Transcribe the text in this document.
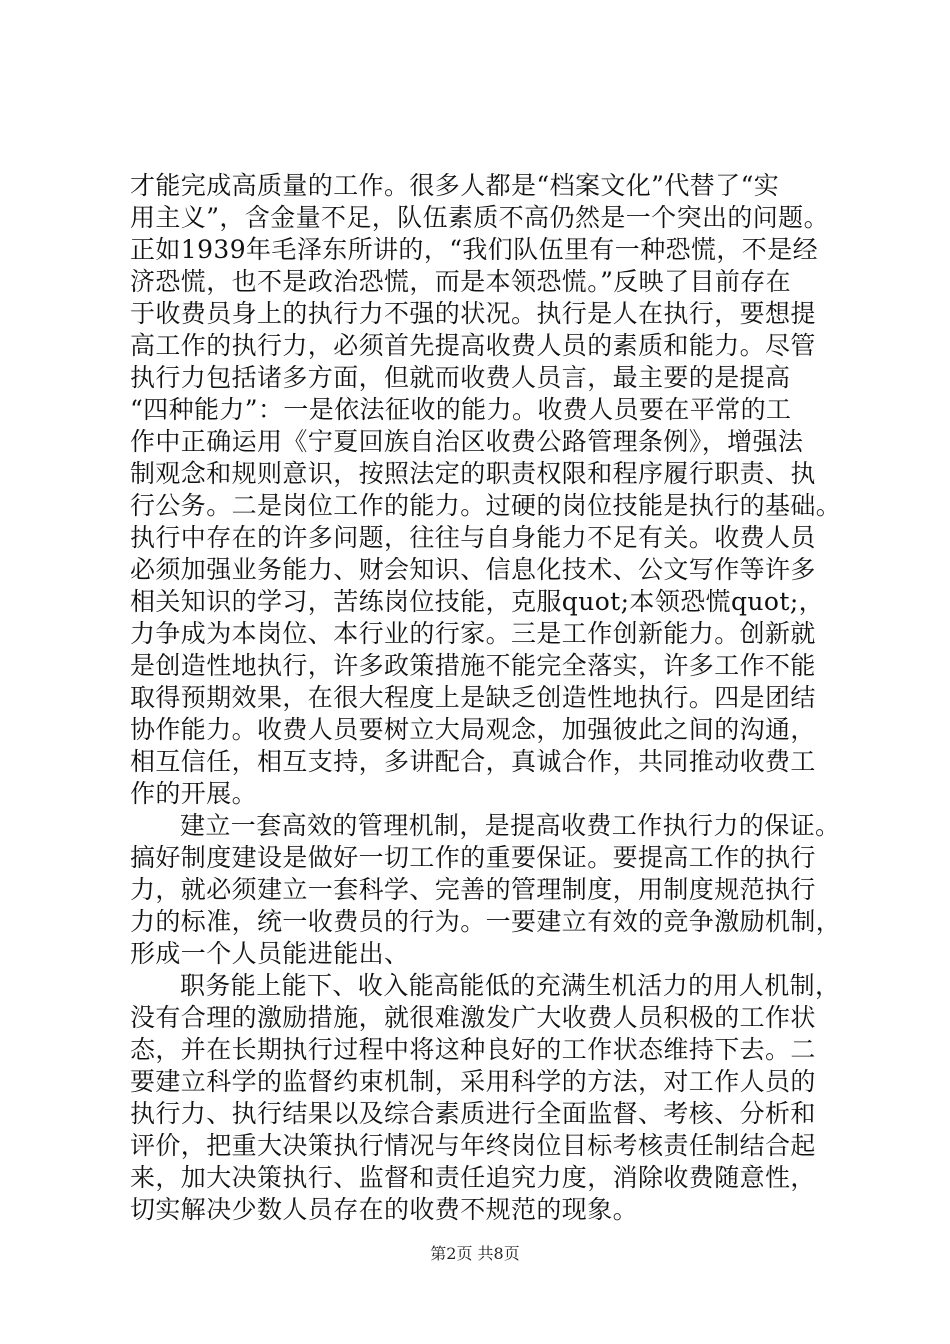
才能完成高质量的工作。很多人都是“档案文化”代替了“实
用主义”，含金量不足，队伍素质不高仍然是一个突出的问题。
正如1939年毛泽东所讲的，“我们队伍里有一种恐慌，不是经
济恐慌，也不是政治恐慌，而是本领恐慌。”反映了目前存在
于收费员身上的执行力不强的状况。执行是人在执行，要想提
高工作的执行力，必须首先提高收费人员的素质和能力。尽管
执行力包括诸多方面，但就而收费人员言，最主要的是提高
“四种能力”：一是依法征收的能力。收费人员要在平常的工
作中正确运用《宁夏回族自治区收费公路管理条例》，增强法
制观念和规则意识，按照法定的职责权限和程序履行职责、执
行公务。二是岗位工作的能力。过硬的岗位技能是执行的基础。
执行中存在的许多问题，往往与自身能力不足有关。收费人员
必须加强业务能力、财会知识、信息化技术、公文写作等许多
相关知识的学习，苦练岗位技能，克服quot;本领恐慌quot;，
力争成为本岗位、本行业的行家。三是工作创新能力。创新就
是创造性地执行，许多政策措施不能完全落实，许多工作不能
取得预期效果，在很大程度上是缺乏创造性地执行。四是团结
协作能力。收费人员要树立大局观念，加强彼此之间的沟通，
相互信任，相互支持，多讲配合，真诚合作，共同推动收费工
作的开展。

建立一套高效的管理机制，是提高收费工作执行力的保证。
搞好制度建设是做好一切工作的重要保证。要提高工作的执行
力，就必须建立一套科学、完善的管理制度，用制度规范执行
力的标准，统一收费员的行为。一要建立有效的竞争激励机制，
形成一个人员能进能出、

职务能上能下、收入能高能低的充满生机活力的用人机制，
没有合理的激励措施，就很难激发广大收费人员积极的工作状
态，并在长期执行过程中将这种良好的工作状态维持下去。二
要建立科学的监督约束机制，采用科学的方法，对工作人员的
执行力、执行结果以及综合素质进行全面监督、考核、分析和
评价，把重大决策执行情况与年终岗位目标考核责任制结合起
来，加大决策执行、监督和责任追究力度，消除收费随意性，
切实解决少数人员存在的收费不规范的现象。

第2页 共8页
